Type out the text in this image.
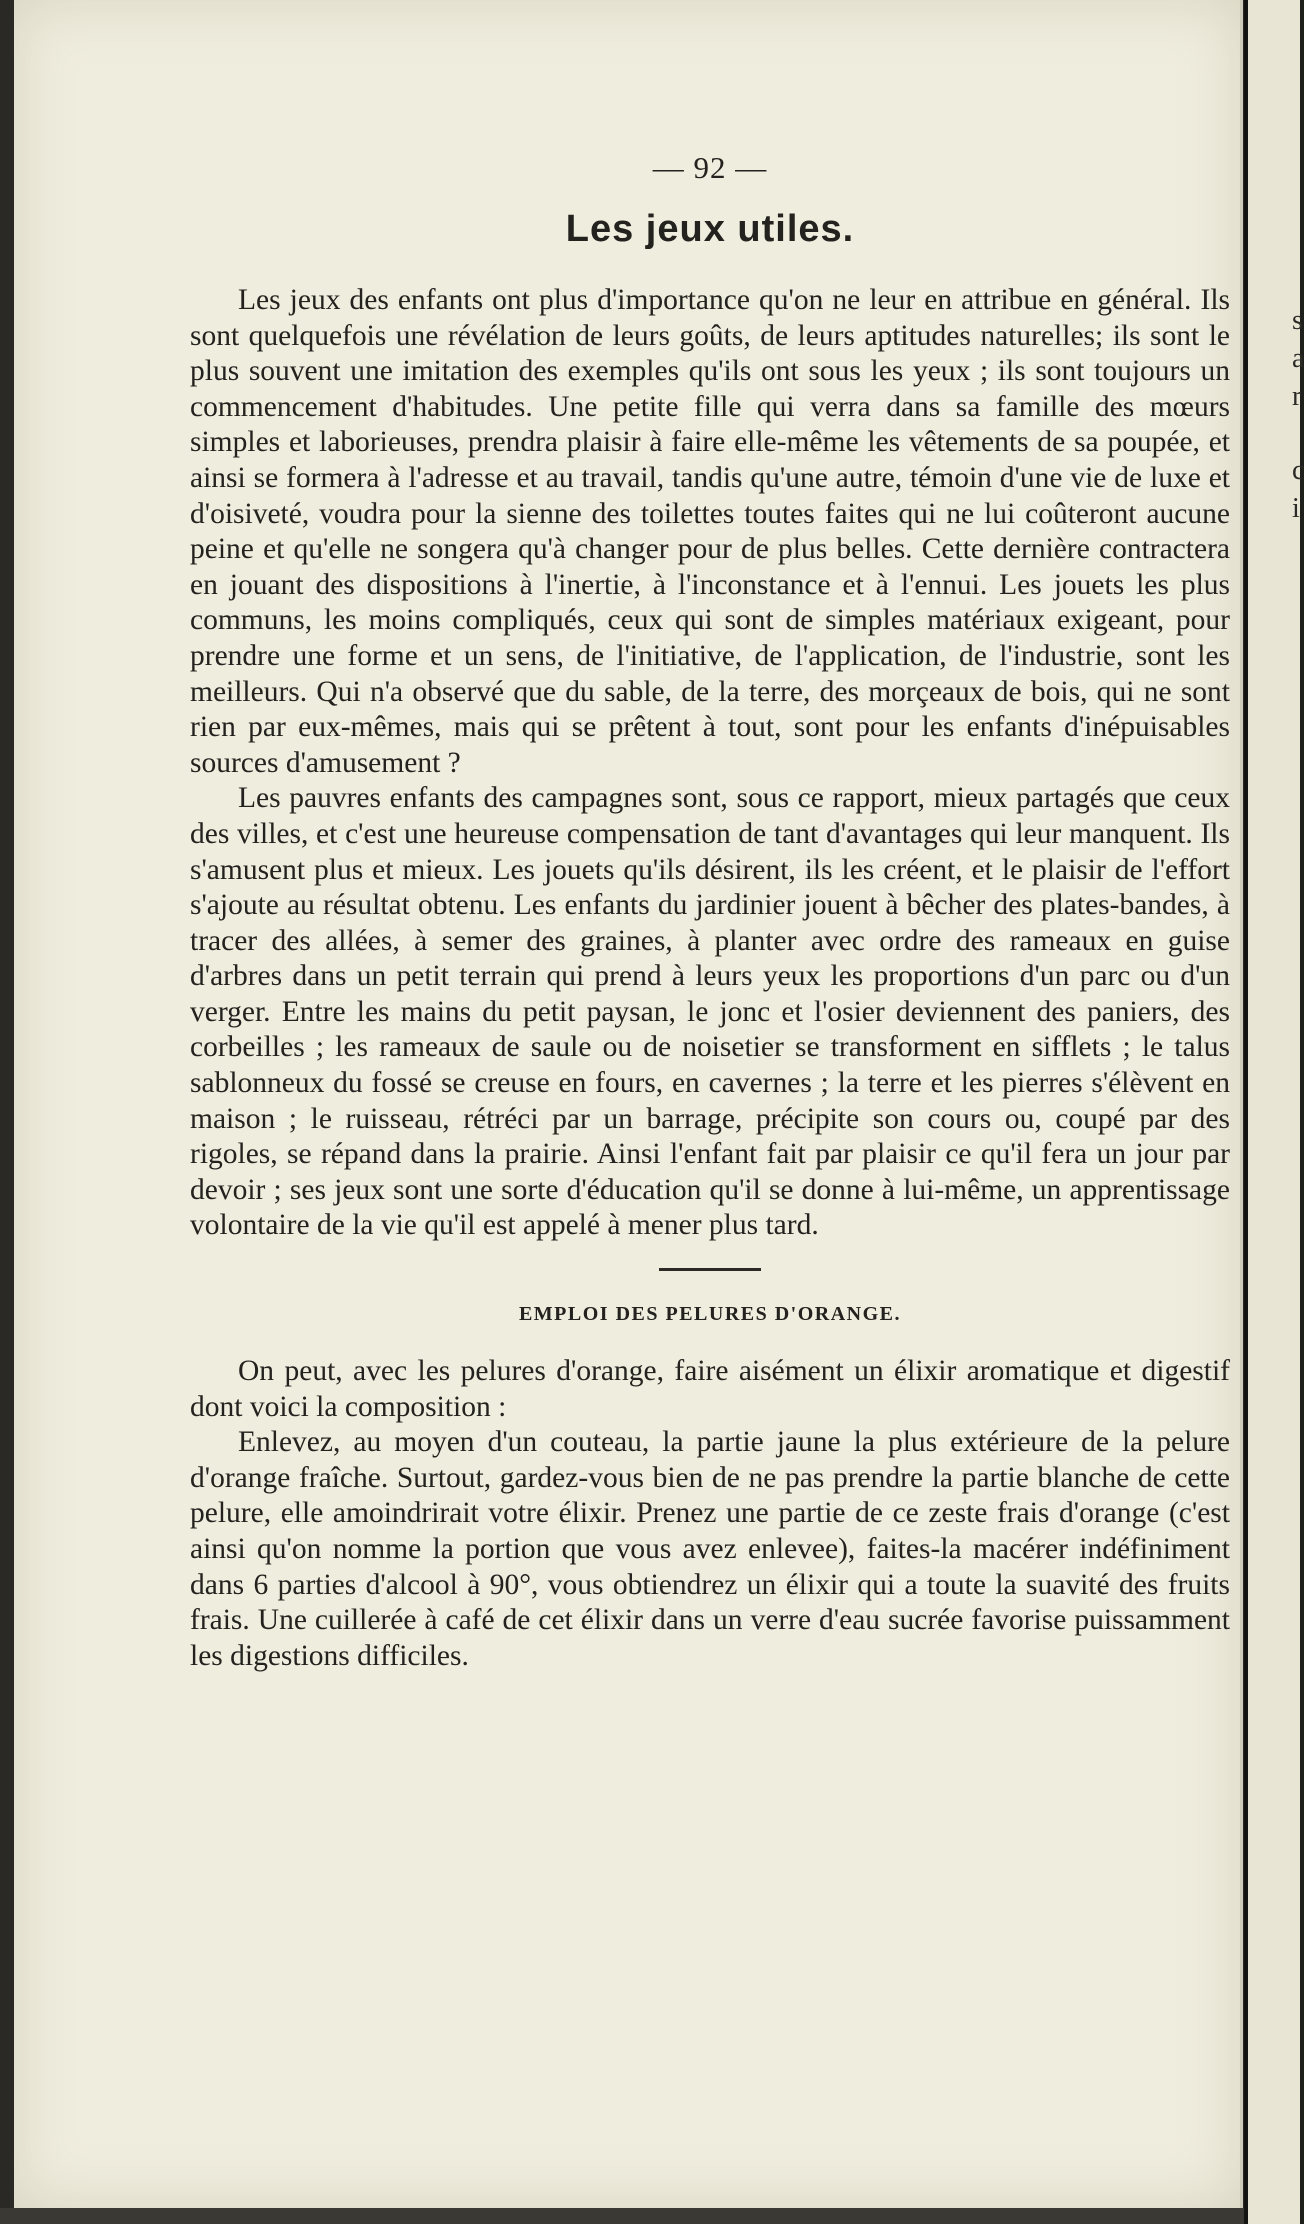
— 92 —
Les jeux utiles.

Les jeux des enfants ont plus d'importance qu'on ne leur en attribue en général. Ils sont quelquefois une révélation de leurs goûts, de leurs aptitudes naturelles; ils sont le plus souvent une imitation des exemples qu'ils ont sous les yeux ; ils sont toujours un commencement d'habitudes. Une petite fille qui verra dans sa famille des mœurs simples et laborieuses, prendra plaisir à faire elle-même les vêtements de sa poupée, et ainsi se formera à l'adresse et au travail, tandis qu'une autre, témoin d'une vie de luxe et d'oisiveté, voudra pour la sienne des toilettes toutes faites qui ne lui coûteront aucune peine et qu'elle ne songera qu'à changer pour de plus belles. Cette dernière contractera en jouant des dispositions à l'inertie, à l'inconstance et à l'ennui. Les jouets les plus communs, les moins compliqués, ceux qui sont de simples matériaux exigeant, pour prendre une forme et un sens, de l'initiative, de l'application, de l'industrie, sont les meilleurs. Qui n'a observé que du sable, de la terre, des morçeaux de bois, qui ne sont rien par eux-mêmes, mais qui se prêtent à tout, sont pour les enfants d'inépuisables sources d'amusement ?

Les pauvres enfants des campagnes sont, sous ce rapport, mieux partagés que ceux des villes, et c'est une heureuse compensation de tant d'avantages qui leur manquent. Ils s'amusent plus et mieux. Les jouets qu'ils désirent, ils les créent, et le plaisir de l'effort s'ajoute au résultat obtenu. Les enfants du jardinier jouent à bêcher des plates-bandes, à tracer des allées, à semer des graines, à planter avec ordre des rameaux en guise d'arbres dans un petit terrain qui prend à leurs yeux les proportions d'un parc ou d'un verger. Entre les mains du petit paysan, le jonc et l'osier deviennent des paniers, des corbeilles ; les rameaux de saule ou de noisetier se transforment en sifflets ; le talus sablonneux du fossé se creuse en fours, en cavernes ; la terre et les pierres s'élèvent en maison ; le ruisseau, rétréci par un barrage, précipite son cours ou, coupé par des rigoles, se répand dans la prairie. Ainsi l'enfant fait par plaisir ce qu'il fera un jour par devoir ; ses jeux sont une sorte d'éducation qu'il se donne à lui-même, un apprentissage volontaire de la vie qu'il est appelé à mener plus tard.

EMPLOI DES PELURES D'ORANGE.

On peut, avec les pelures d'orange, faire aisément un élixir aromatique et digestif dont voici la composition :

Enlevez, au moyen d'un couteau, la partie jaune la plus extérieure de la pelure d'orange fraîche. Surtout, gardez-vous bien de ne pas prendre la partie blanche de cette pelure, elle amoindrirait votre élixir. Prenez une partie de ce zeste frais d'orange (c'est ainsi qu'on nomme la portion que vous avez enlevee), faites-la macérer indéfiniment dans 6 parties d'alcool à 90°, vous obtiendrez un élixir qui a toute la suavité des fruits frais. Une cuillerée à café de cet élixir dans un verre d'eau sucrée favorise puissamment les digestions difficiles.

s
a
r
c
i
